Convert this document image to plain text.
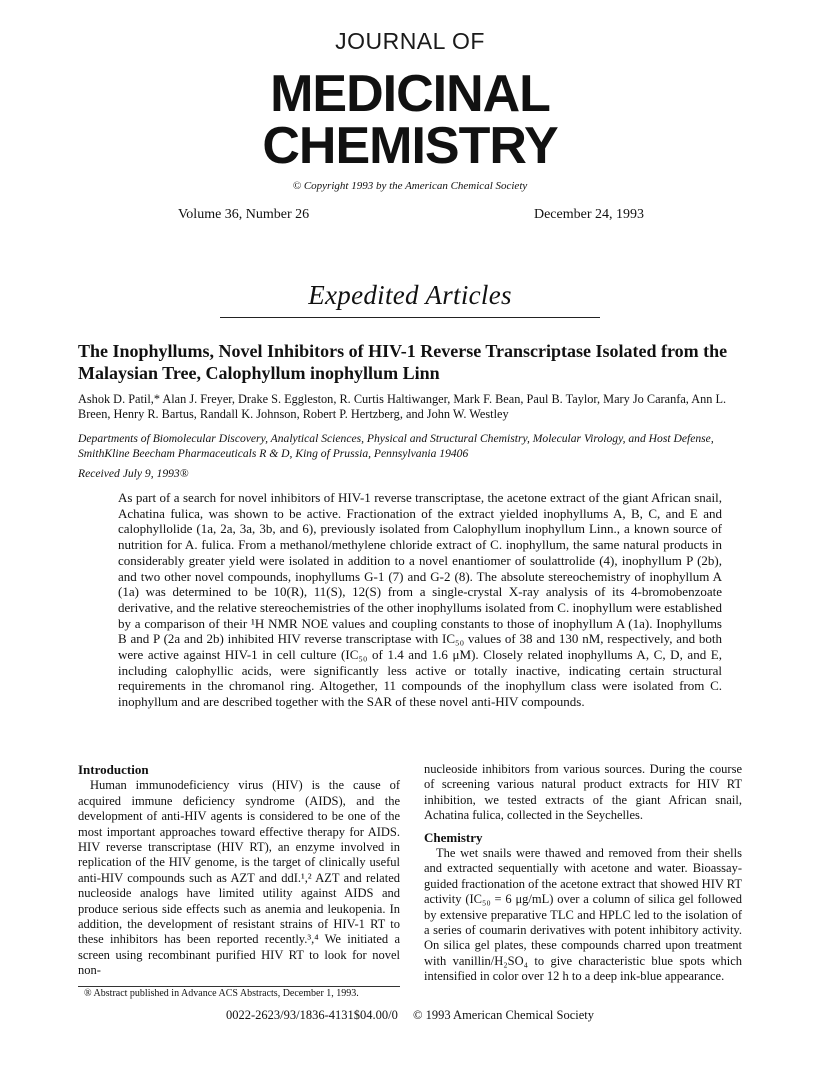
JOURNAL OF
MEDICINAL
CHEMISTRY
© Copyright 1993 by the American Chemical Society
Volume 36, Number 26	December 24, 1993
Expedited Articles
The Inophyllums, Novel Inhibitors of HIV-1 Reverse Transcriptase Isolated from the Malaysian Tree, Calophyllum inophyllum Linn
Ashok D. Patil,* Alan J. Freyer, Drake S. Eggleston, R. Curtis Haltiwanger, Mark F. Bean, Paul B. Taylor, Mary Jo Caranfa, Ann L. Breen, Henry R. Bartus, Randall K. Johnson, Robert P. Hertzberg, and John W. Westley
Departments of Biomolecular Discovery, Analytical Sciences, Physical and Structural Chemistry, Molecular Virology, and Host Defense, SmithKline Beecham Pharmaceuticals R & D, King of Prussia, Pennsylvania 19406
Received July 9, 1993®
As part of a search for novel inhibitors of HIV-1 reverse transcriptase, the acetone extract of the giant African snail, Achatina fulica, was shown to be active. Fractionation of the extract yielded inophyllums A, B, C, and E and calophyllolide (1a, 2a, 3a, 3b, and 6), previously isolated from Calophyllum inophyllum Linn., a known source of nutrition for A. fulica. From a methanol/methylene chloride extract of C. inophyllum, the same natural products in considerably greater yield were isolated in addition to a novel enantiomer of soulattrolide (4), inophyllum P (2b), and two other novel compounds, inophyllums G-1 (7) and G-2 (8). The absolute stereochemistry of inophyllum A (1a) was determined to be 10(R), 11(S), 12(S) from a single-crystal X-ray analysis of its 4-bromobenzoate derivative, and the relative stereochemistries of the other inophyllums isolated from C. inophyllum were established by a comparison of their ¹H NMR NOE values and coupling constants to those of inophyllum A (1a). Inophyllums B and P (2a and 2b) inhibited HIV reverse transcriptase with IC₅₀ values of 38 and 130 nM, respectively, and both were active against HIV-1 in cell culture (IC₅₀ of 1.4 and 1.6 μM). Closely related inophyllums A, C, D, and E, including calophyllic acids, were significantly less active or totally inactive, indicating certain structural requirements in the chromanol ring. Altogether, 11 compounds of the inophyllum class were isolated from C. inophyllum and are described together with the SAR of these novel anti-HIV compounds.
Introduction

Human immunodeficiency virus (HIV) is the cause of acquired immune deficiency syndrome (AIDS), and the development of anti-HIV agents is considered to be one of the most important approaches toward effective therapy for AIDS. HIV reverse transcriptase (HIV RT), an enzyme involved in replication of the HIV genome, is the target of clinically useful anti-HIV compounds such as AZT and ddI.¹,² AZT and related nucleoside analogs have limited utility against AIDS and produce serious side effects such as anemia and leukopenia. In addition, the development of resistant strains of HIV-1 RT to these inhibitors has been reported recently.³,⁴ We initiated a screen using recombinant purified HIV RT to look for novel non-

nucleoside inhibitors from various sources. During the course of screening various natural product extracts for HIV RT inhibition, we tested extracts of the giant African snail, Achatina fulica, collected in the Seychelles.

Chemistry

The wet snails were thawed and removed from their shells and extracted sequentially with acetone and water. Bioassay-guided fractionation of the acetone extract that showed HIV RT activity (IC₅₀ = 6 μg/mL) over a column of silica gel followed by extensive preparative TLC and HPLC led to the isolation of a series of coumarin derivatives with potent inhibitory activity. On silica gel plates, these compounds charred upon treatment with vanillin/H₂SO₄ to give characteristic blue spots which intensified in color over 12 h to a deep ink-blue appearance.

® Abstract published in Advance ACS Abstracts, December 1, 1993.
0022-2623/93/1836-4131$04.00/0 © 1993 American Chemical Society
